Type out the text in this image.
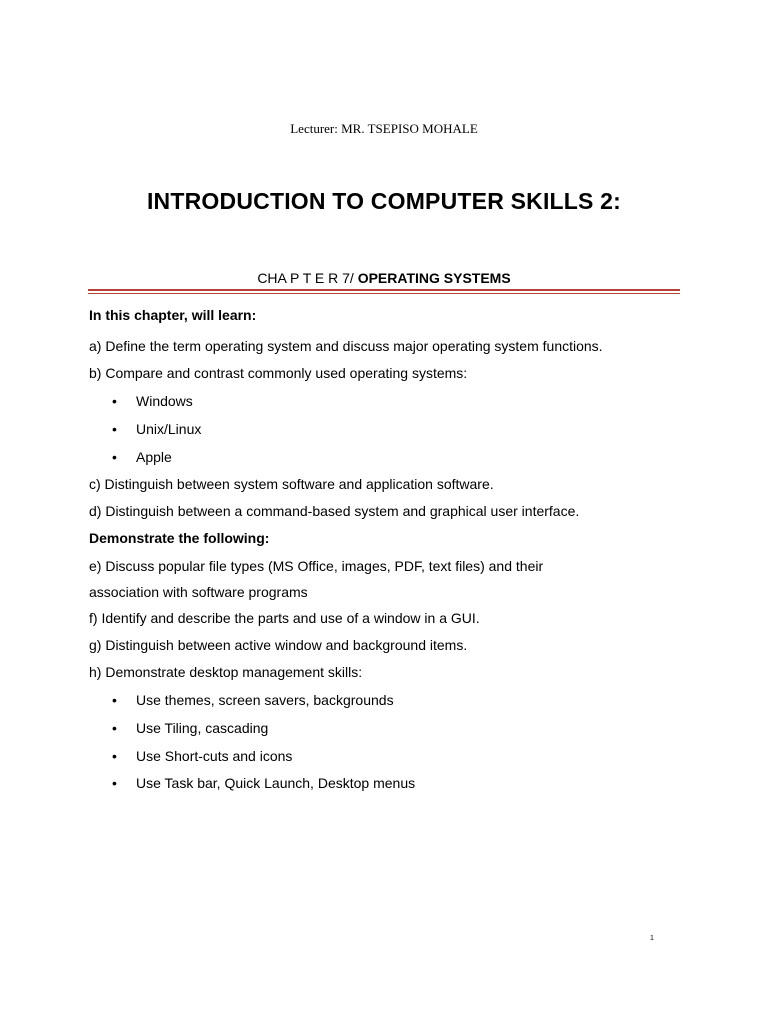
Lecturer: MR. TSEPISO MOHALE
INTRODUCTION TO COMPUTER SKILLS 2:
CHA P T E R 7/ OPERATING SYSTEMS
In this chapter, will learn:
a) Define the term operating system and discuss major operating system functions.
b) Compare and contrast commonly used operating systems:
• Windows
• Unix/Linux
• Apple
c) Distinguish between system software and application software.
d) Distinguish between a command-based system and graphical user interface.
Demonstrate the following:
e) Discuss popular file types (MS Office, images, PDF, text files) and their
association with software programs
f) Identify and describe the parts and use of a window in a GUI.
g) Distinguish between active window and background items.
h) Demonstrate desktop management skills:
• Use themes, screen savers, backgrounds
• Use Tiling, cascading
• Use Short-cuts and icons
• Use Task bar, Quick Launch, Desktop menus
1
